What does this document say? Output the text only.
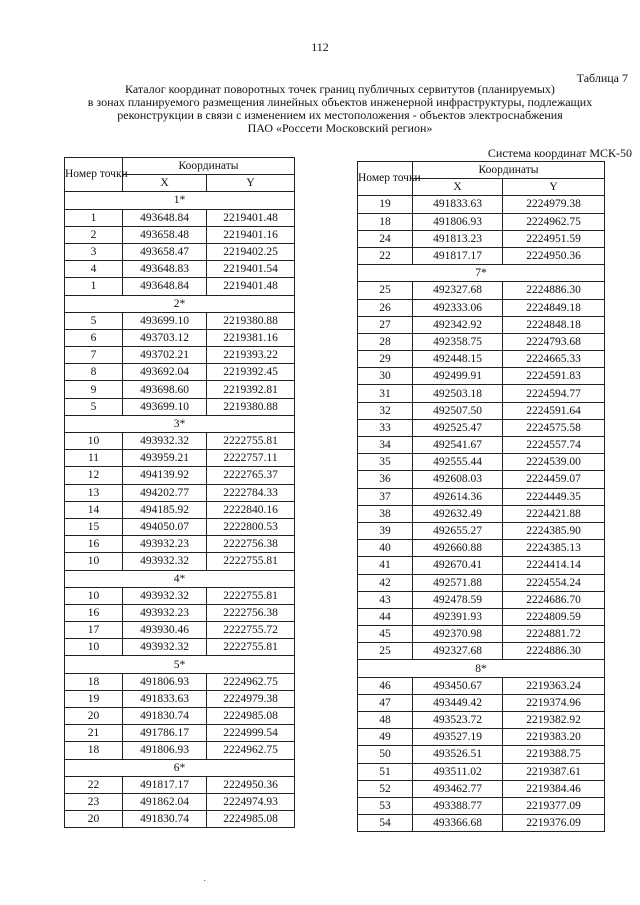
112
Таблица 7
Каталог координат поворотных точек границ публичных сервитутов (планируемых)
в зонах планируемого размещения линейных объектов инженерной инфраструктуры, подлежащих
реконструкции в связи с изменением их местоположения - объектов электроснабжения
ПАО «Россети Московский регион»
Система координат МСК-50
Номер точки	Координаты	
	X	Y
1*		
1	493648.84	2219401.48
2	493658.48	2219401.16
3	493658.47	2219402.25
4	493648.83	2219401.54
1	493648.84	2219401.48
2*		
5	493699.10	2219380.88
6	493703.12	2219381.16
7	493702.21	2219393.22
8	493692.04	2219392.45
9	493698.60	2219392.81
5	493699.10	2219380.88
3*		
10	493932.32	2222755.81
11	493959.21	2222757.11
12	494139.92	2222765.37
13	494202.77	2222784.33
14	494185.92	2222840.16
15	494050.07	2222800.53
16	493932.23	2222756.38
10	493932.32	2222755.81
4*		
10	493932.32	2222755.81
16	493932.23	2222756.38
17	493930.46	2222755.72
10	493932.32	2222755.81
5*		
18	491806.93	2224962.75
19	491833.63	2224979.38
20	491830.74	2224985.08
21	491786.17	2224999.54
18	491806.93	2224962.75
6*		
22	491817.17	2224950.36
23	491862.04	2224974.93
20	491830.74	2224985.08
Номер точки	Координаты	
	X	Y
19	491833.63	2224979.38
18	491806.93	2224962.75
24	491813.23	2224951.59
22	491817.17	2224950.36
7*		
25	492327.68	2224886.30
26	492333.06	2224849.18
27	492342.92	2224848.18
28	492358.75	2224793.68
29	492448.15	2224665.33
30	492499.91	2224591.83
31	492503.18	2224594.77
32	492507.50	2224591.64
33	492525.47	2224575.58
34	492541.67	2224557.74
35	492555.44	2224539.00
36	492608.03	2224459.07
37	492614.36	2224449.35
38	492632.49	2224421.88
39	492655.27	2224385.90
40	492660.88	2224385.13
41	492670.41	2224414.14
42	492571.88	2224554.24
43	492478.59	2224686.70
44	492391.93	2224809.59
45	492370.98	2224881.72
25	492327.68	2224886.30
8*		
46	493450.67	2219363.24
47	493449.42	2219374.96
48	493523.72	2219382.92
49	493527.19	2219383.20
50	493526.51	2219388.75
51	493511.02	2219387.61
52	493462.77	2219384.46
53	493388.77	2219377.09
54	493366.68	2219376.09
·
